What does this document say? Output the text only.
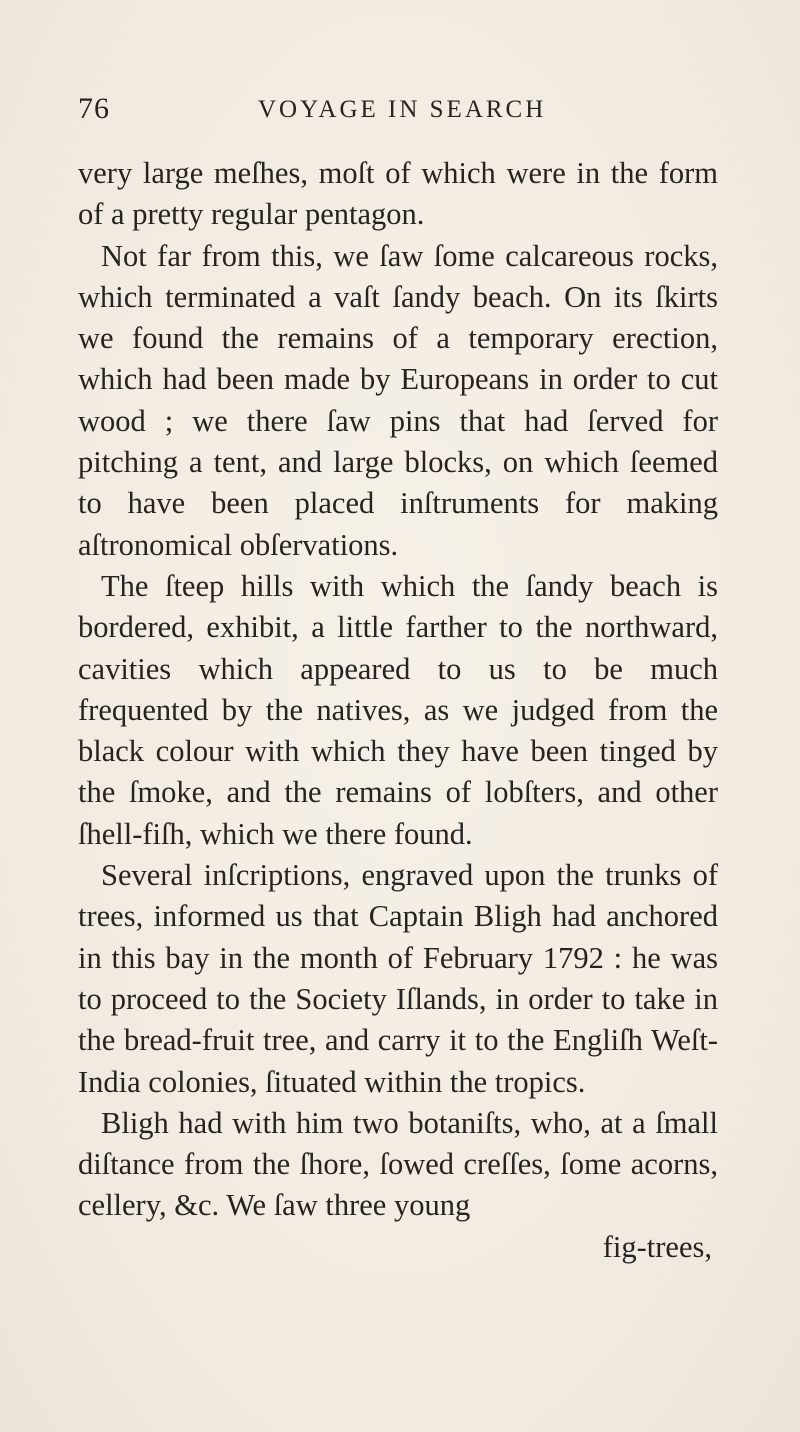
76	VOYAGE IN SEARCH

very large meſhes, moſt of which were in the form of a pretty regular pentagon.

Not far from this, we ſaw ſome calcareous rocks, which terminated a vaſt ſandy beach. On its ſkirts we found the remains of a temporary erection, which had been made by Europeans in order to cut wood ; we there ſaw pins that had ſerved for pitching a tent, and large blocks, on which ſeemed to have been placed inſtruments for making aſtronomical obſervations.

The ſteep hills with which the ſandy beach is bordered, exhibit, a little farther to the northward, cavities which appeared to us to be much frequented by the natives, as we judged from the black colour with which they have been tinged by the ſmoke, and the remains of lobſters, and other ſhell-fiſh, which we there found.

Several inſcriptions, engraved upon the trunks of trees, informed us that Captain Bligh had anchored in this bay in the month of February 1792 : he was to proceed to the Society Iſlands, in order to take in the bread-fruit tree, and carry it to the Engliſh Weſt-India colonies, ſituated within the tropics.

Bligh had with him two botaniſts, who, at a ſmall diſtance from the ſhore, ſowed creſſes, ſome acorns, cellery, &c. We ſaw three young

fig-trees,
